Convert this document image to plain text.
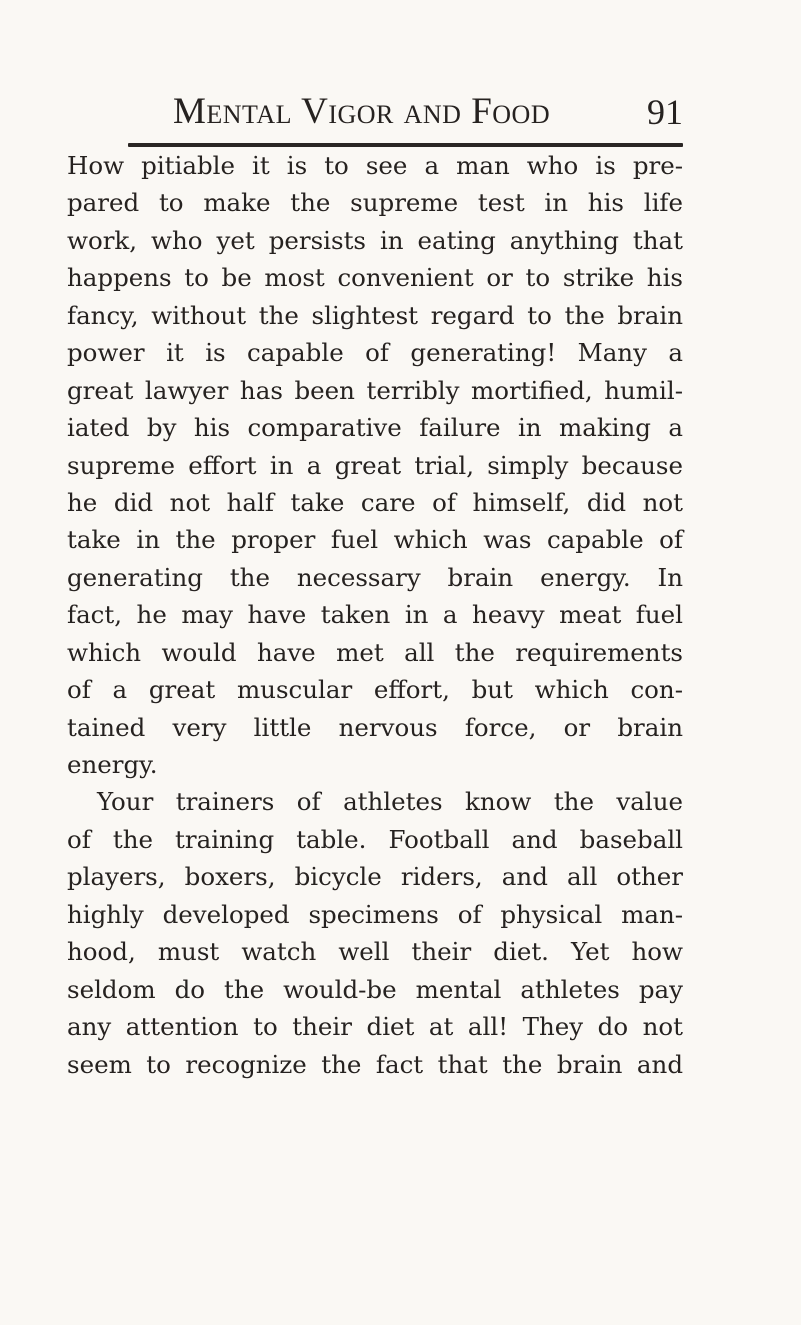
Mental Vigor and Food	91
How pitiable it is to see a man who is pre-
pared to make the supreme test in his life
work, who yet persists in eating anything that
happens to be most convenient or to strike his
fancy, without the slightest regard to the brain
power it is capable of generating! Many a
great lawyer has been terribly mortified, humil-
iated by his comparative failure in making a
supreme effort in a great trial, simply because
he did not half take care of himself, did not
take in the proper fuel which was capable of
generating the necessary brain energy. In
fact, he may have taken in a heavy meat fuel
which would have met all the requirements
of a great muscular effort, but which con-
tained very little nervous force, or brain
energy.
Your trainers of athletes know the value
of the training table. Football and baseball
players, boxers, bicycle riders, and all other
highly developed specimens of physical man-
hood, must watch well their diet. Yet how
seldom do the would-be mental athletes pay
any attention to their diet at all! They do not
seem to recognize the fact that the brain and
